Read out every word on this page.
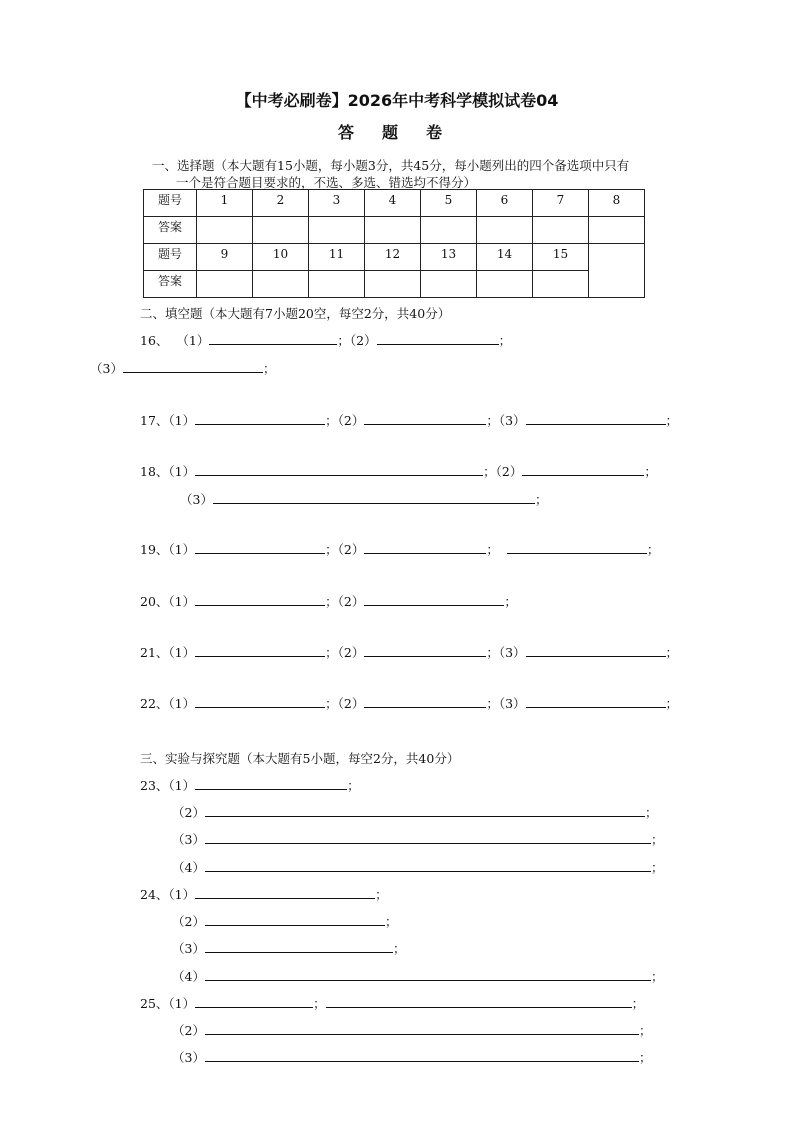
【中考必刷卷】2026年中考科学模拟试卷04
答题卷
一、选择题（本大题有15小题，每小题3分，共45分，每小题列出的四个备选项中只有
一个是符合题目要求的，不选、多选、错选均不得分）
题号	1	2	3	4	5	6	7	8
答案								
题号	9	10	11	12	13	14	15	
答案								
二、填空题（本大题有7小题20空，每空2分，共40分）
16、 （1）	；（2）	；
（3）	；
17、（1）	；（2）	；（3）	；
18、（1）	；（2）	；
（3）	；
19、（1）	；（2）	；	；
20、（1）	；（2）	；
21、（1）	；（2）	；（3）	；
22、（1）	；（2）	；（3）	；
三、实验与探究题（本大题有5小题，每空2分，共40分）
23、（1）	；
（2）	；
（3）	；
（4）	；
24、（1）	；
（2）	；
（3）	；
（4）	；
25、（1）	；	；
（2）	；
（3）	；
